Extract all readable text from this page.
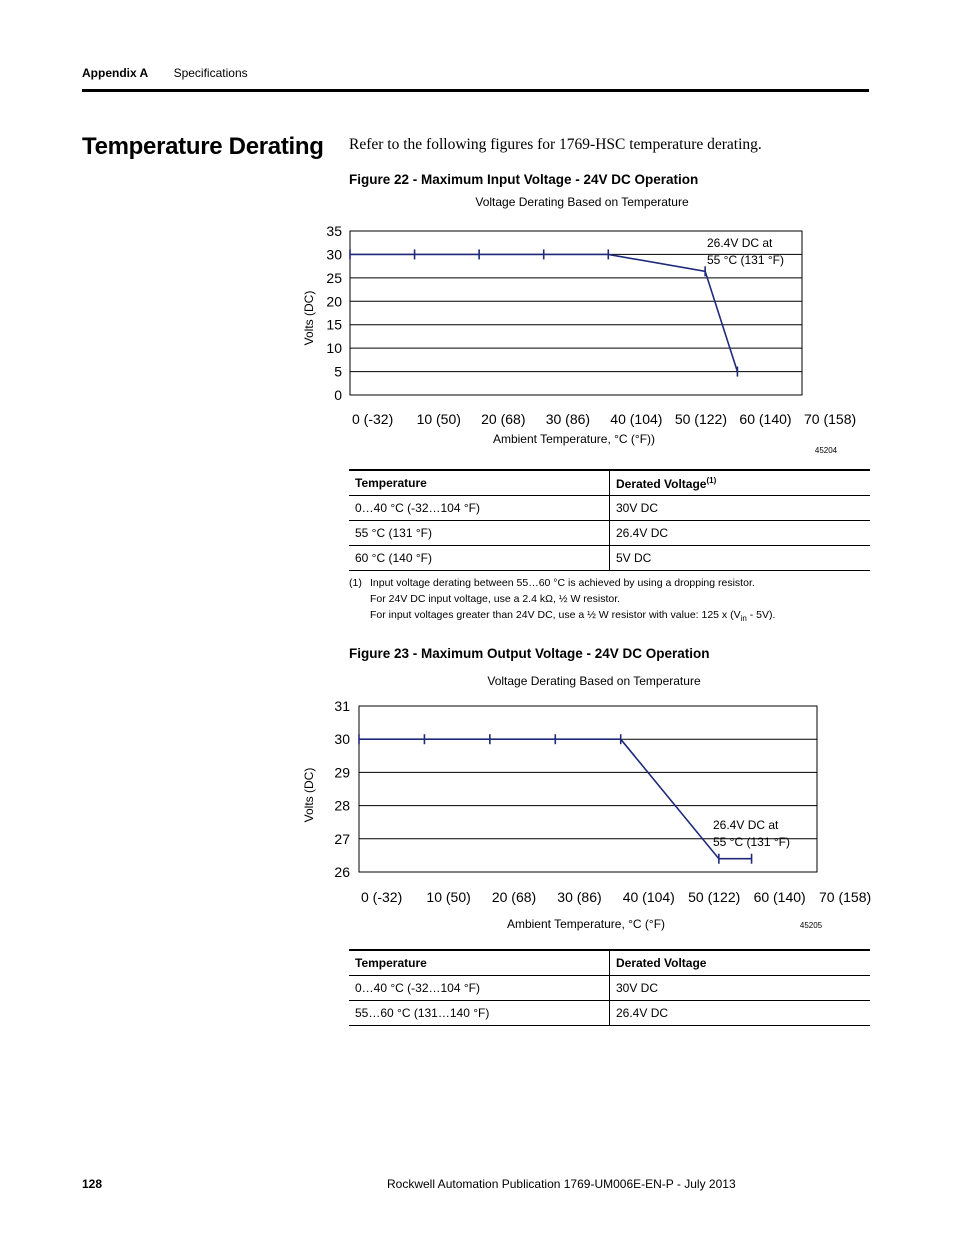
Appendix A Specifications
Temperature Derating Refer to the following figures for 1769-HSC temperature derating.
Figure 22 - Maximum Input Voltage - 24V DC Operation
Voltage Derating Based on Temperature
0
5
10
15
20
25
30
35
0 (-32) 10 (50) 20 (68) 30 (86) 40 (104) 50 (122) 60 (140) 70 (158)
Ambient Temperature, °C (°F))
Volts (DC)
26.4V DC at
55 °C (131 °F)
45204
Temperature	Derated Voltage$^{(1)}$
0…40 °C (-32…104 °F)	30V DC
55 °C (131 °F)	26.4V DC
60 °C (140 °F)	5V DC
(1) Input voltage derating between 55…60 °C is achieved by using a dropping resistor.
For 24V DC input voltage, use a 2.4 kΩ, ½ W resistor.
For input voltages greater than 24V DC, use a ½ W resistor with value: 125 x $(V_{in} - 5V)$.
Figure 23 - Maximum Output Voltage - 24V DC Operation
Voltage Derating Based on Temperature
26
27
28
29
30
31
0 (-32) 10 (50) 20 (68) 30 (86) 40 (104) 50 (122) 60 (140) 70 (158)
Ambient Temperature, °C (°F)
Volts (DC)
26.4V DC at
55 °C (131 °F)
45205
Temperature	Derated Voltage
0…40 °C (-32…104 °F)	30V DC
55…60 °C (131…140 °F)	26.4V DC
128	Rockwell Automation Publication 1769-UM006E-EN-P - July 2013
